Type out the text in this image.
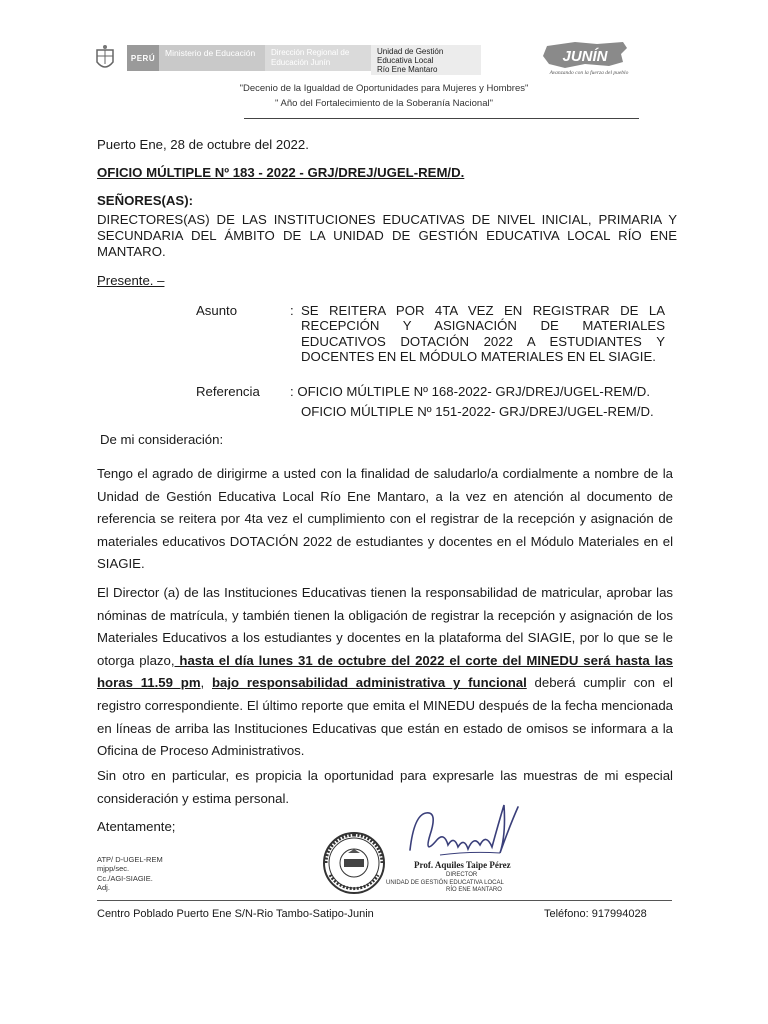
PERÚ	Ministerio de Educación	Dirección Regional de Educación Junín
Unidad de Gestión
Educativa Local
Río Ene Mantaro
JUNÍN
Avanzando con la fuerza del pueblo
"Decenio de la Igualdad de Oportunidades para Mujeres y Hombres"
" Año del Fortalecimiento de la Soberanía Nacional"
Puerto Ene, 28 de octubre del 2022.
OFICIO MÚLTIPLE Nº 183 - 2022 - GRJ/DREJ/UGEL-REM/D.
SEÑORES(AS):
DIRECTORES(AS) DE LAS INSTITUCIONES EDUCATIVAS DE NIVEL INICIAL, PRIMARIA Y SECUNDARIA DEL ÁMBITO DE LA UNIDAD DE GESTIÓN EDUCATIVA LOCAL RÍO ENE MANTARO.
Presente. –
Asunto	: SE REITERA POR 4TA VEZ EN REGISTRAR DE LA RECEPCIÓN Y ASIGNACIÓN DE MATERIALES EDUCATIVOS DOTACIÓN 2022 A ESTUDIANTES Y DOCENTES EN EL MÓDULO MATERIALES EN EL SIAGIE.
Referencia : OFICIO MÚLTIPLE Nº 168-2022- GRJ/DREJ/UGEL-REM/D.
OFICIO MÚLTIPLE Nº 151-2022- GRJ/DREJ/UGEL-REM/D.
De mi consideración:
Tengo el agrado de dirigirme a usted con la finalidad de saludarlo/a cordialmente a nombre de la Unidad de Gestión Educativa Local Río Ene Mantaro, a la vez en atención al documento de referencia se reitera por 4ta vez el cumplimiento con el registrar de la recepción y asignación de materiales educativos DOTACIÓN 2022 de estudiantes y docentes en el Módulo Materiales en el SIAGIE.
El Director (a) de las Instituciones Educativas tienen la responsabilidad de matricular, aprobar las nóminas de matrícula, y también tienen la obligación de registrar la recepción y asignación de los Materiales Educativos a los estudiantes y docentes en la plataforma del SIAGIE, por lo que se le otorga plazo, hasta el día lunes 31 de octubre del 2022 el corte del MINEDU será hasta las horas 11.59 pm, bajo responsabilidad administrativa y funcional deberá cumplir con el registro correspondiente. El último reporte que emita el MINEDU después de la fecha mencionada en líneas de arriba las Instituciones Educativas que están en estado de omisos se informara a la Oficina de Proceso Administrativos.
Sin otro en particular, es propicia la oportunidad para expresarle las muestras de mi especial consideración y estima personal.
Atentamente;
ATP/ D-UGEL-REM
mjpp/sec.
Cc./AGI-SIAGIE.
Adj.
Prof. Aquiles Taipe Pérez
DIRECTOR
UNIDAD DE GESTIÓN EDUCATIVA LOCAL
RÍO ENE MANTARO
Centro Poblado Puerto Ene S/N-Rio Tambo-Satipo-Junin	Teléfono: 917994028
